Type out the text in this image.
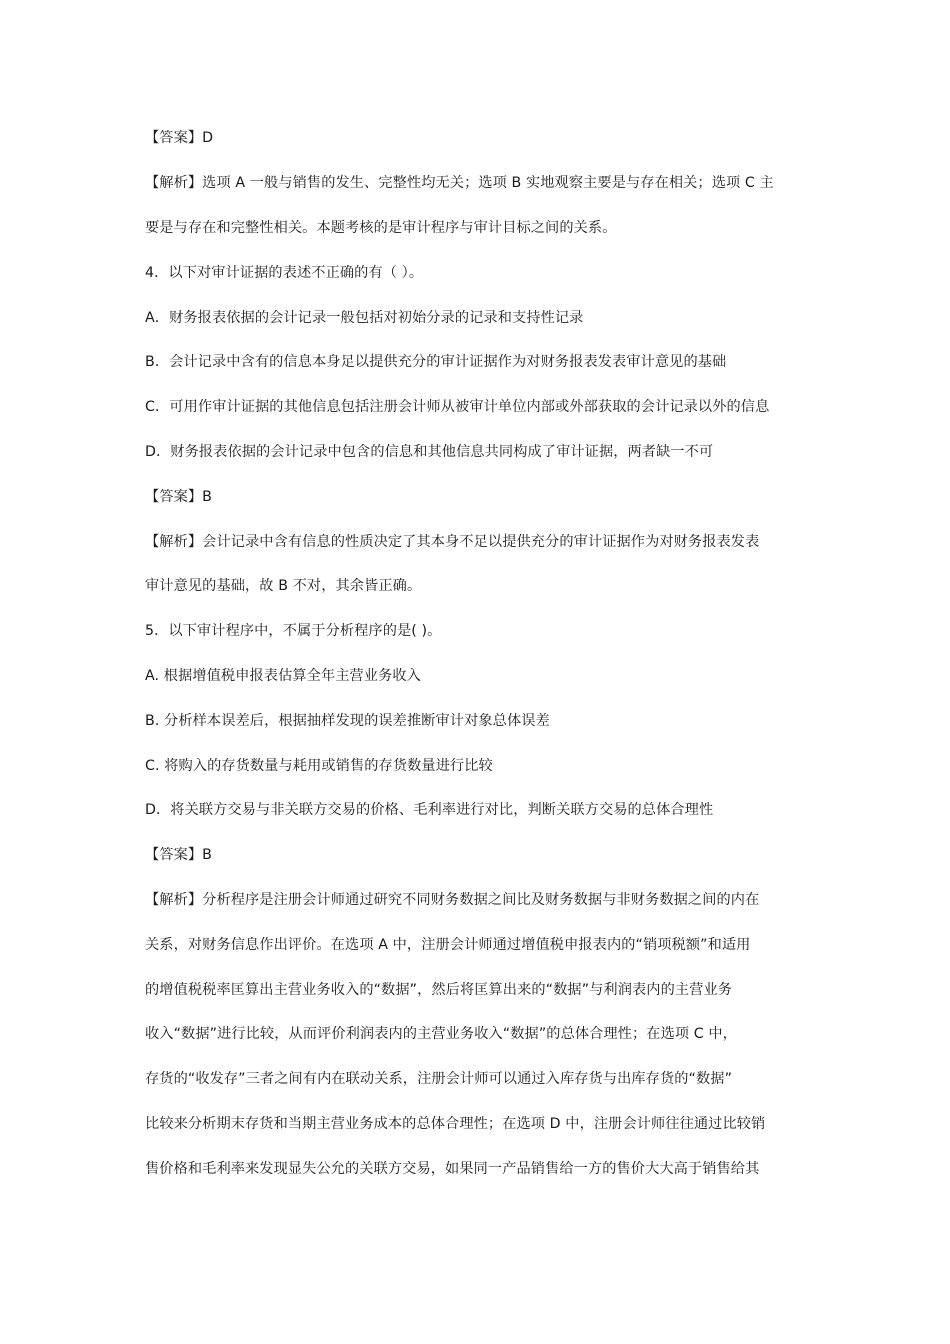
【答案】D
【解析】选项 A 一般与销售的发生、完整性均无关；选项 B 实地观察主要是与存在相关；选项 C 主
要是与存在和完整性相关。本题考核的是审计程序与审计目标之间的关系。
4．以下对审计证据的表述不正确的有（ ）。
A．财务报表依据的会计记录一般包括对初始分录的记录和支持性记录
B．会计记录中含有的信息本身足以提供充分的审计证据作为对财务报表发表审计意见的基础
C．可用作审计证据的其他信息包括注册会计师从被审计单位内部或外部获取的会计记录以外的信息
D．财务报表依据的会计记录中包含的信息和其他信息共同构成了审计证据，两者缺一不可
【答案】B
【解析】会计记录中含有信息的性质决定了其本身不足以提供充分的审计证据作为对财务报表发表
审计意见的基础，故 B 不对，其余皆正确。
5．以下审计程序中，不属于分析程序的是( )。
A. 根据增值税申报表估算全年主营业务收入
B. 分析样本误差后，根据抽样发现的误差推断审计对象总体误差
C. 将购入的存货数量与耗用或销售的存货数量进行比较
D．将关联方交易与非关联方交易的价格、毛利率进行对比，判断关联方交易的总体合理性
【答案】B
【解析】分析程序是注册会计师通过研究不同财务数据之间比及财务数据与非财务数据之间的内在
关系，对财务信息作出评价。在选项 A 中，注册会计师通过增值税申报表内的“销项税额”和适用
的增值税税率匡算出主营业务收入的“数据”，然后将匡算出来的“数据”与利润表内的主营业务
收入“数据”进行比较，从而评价利润表内的主营业务收入“数据”的总体合理性；在选项 C 中，
存货的“收发存”三者之间有内在联动关系，注册会计师可以通过入库存货与出库存货的“数据”
比较来分析期末存货和当期主营业务成本的总体合理性；在选项 D 中，注册会计师往往通过比较销
售价格和毛利率来发现显失公允的关联方交易，如果同一产品销售给一方的售价大大高于销售给其
